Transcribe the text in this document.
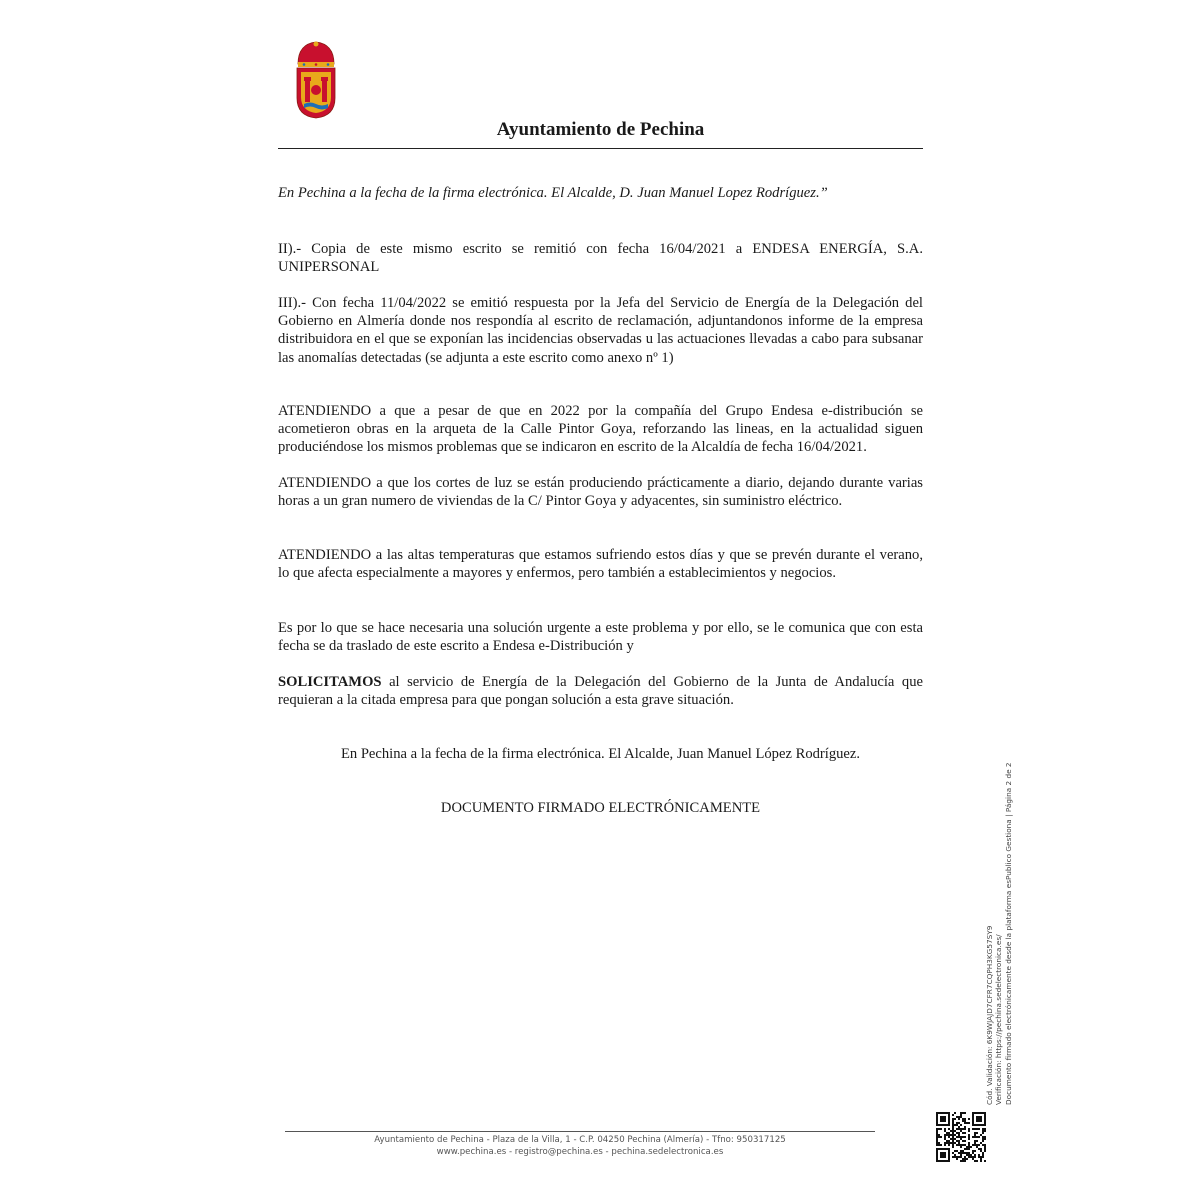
Ayuntamiento de Pechina

En Pechina a la fecha de la firma electrónica. El Alcalde, D. Juan Manuel Lopez Rodríguez.”

II).- Copia de este mismo escrito se remitió con fecha 16/04/2021 a ENDESA ENERGÍA, S.A. UNIPERSONAL

III).- Con fecha 11/04/2022 se emitió respuesta por la Jefa del Servicio de Energía de la Delegación del Gobierno en Almería donde nos respondía al escrito de reclamación, adjuntandonos informe de la empresa distribuidora en el que se exponían las incidencias observadas u las actuaciones llevadas a cabo para subsanar las anomalías detectadas (se adjunta a este escrito como anexo nº 1)

ATENDIENDO a que a pesar de que en 2022 por la compañía del Grupo Endesa e-distribución se acometieron obras en la arqueta de la Calle Pintor Goya, reforzando las lineas, en la actualidad siguen produciéndose los mismos problemas que se indicaron en escrito de la Alcaldía de fecha 16/04/2021.

ATENDIENDO a que los cortes de luz se están produciendo prácticamente a diario, dejando durante varias horas a un gran numero de viviendas de la C/ Pintor Goya y adyacentes, sin suministro eléctrico.

ATENDIENDO a las altas temperaturas que estamos sufriendo estos días y que se prevén durante el verano, lo que afecta especialmente a mayores y enfermos, pero también a establecimientos y negocios.

Es por lo que se hace necesaria una solución urgente a este problema y por ello, se le comunica que con esta fecha se da traslado de este escrito a Endesa e-Distribución y

SOLICITAMOS al servicio de Energía de la Delegación del Gobierno de la Junta de Andalucía que requieran a la citada empresa para que pongan solución a esta grave situación.

En Pechina a la fecha de la firma electrónica. El Alcalde, Juan Manuel López Rodríguez.

DOCUMENTO FIRMADO ELECTRÓNICAMENTE

Cód. Validación: 6K9WJAJD7CFR7CQPH3KG57SY9 Verificación: https://pechina.sedelectronica.es/ Documento firmado electrónicamente desde la plataforma esPublico Gestiona | Página 2 de 2
Ayuntamiento de Pechina - Plaza de la Villa, 1 - C.P. 04250 Pechina (Almería) - Tfno: 950317125
www.pechina.es - registro@pechina.es - pechina.sedelectronica.es
